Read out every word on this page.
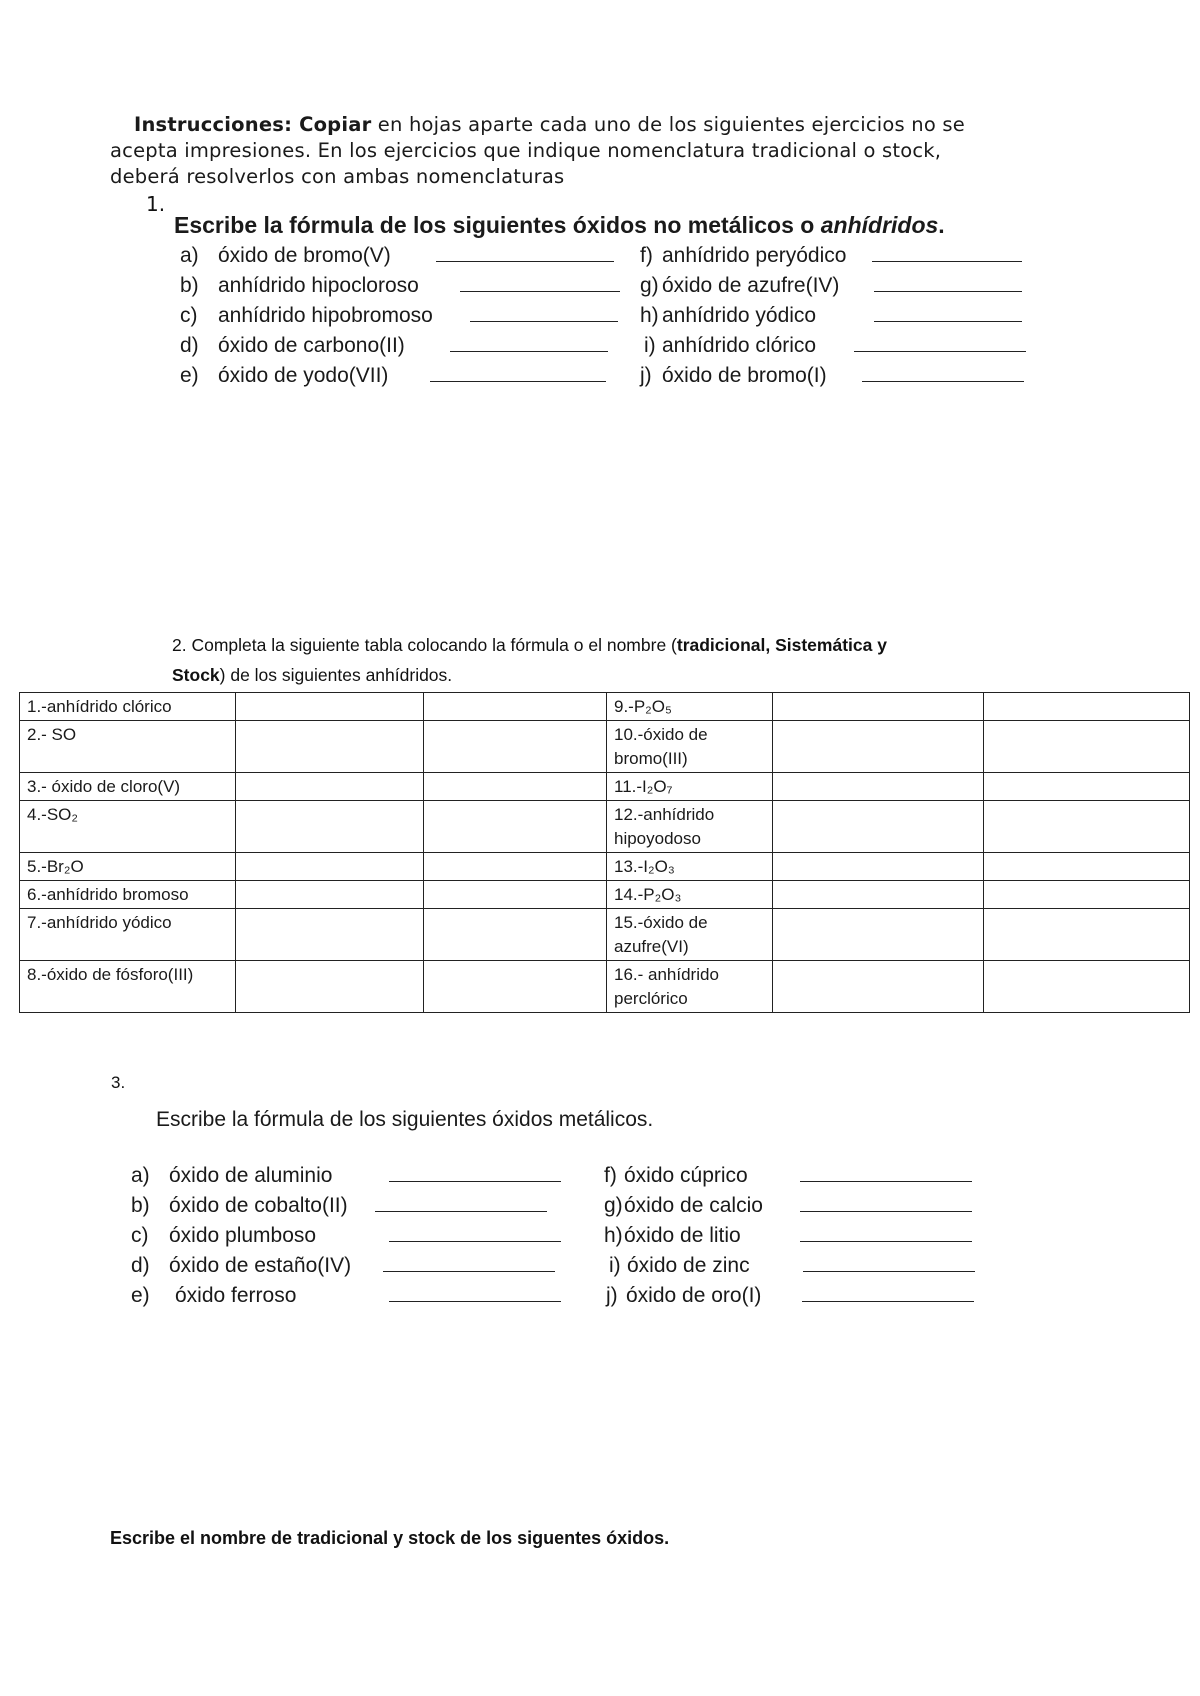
Instrucciones: Copiar en hojas aparte cada uno de los siguientes ejercicios no se
acepta impresiones. En los ejercicios que indique nomenclatura tradicional o stock,
deberá resolverlos con ambas nomenclaturas
1.
Escribe la fórmula de los siguientes óxidos no metálicos o anhídridos.
a) óxido de bromo(V)
b) anhídrido hipocloroso
c) anhídrido hipobromoso
d) óxido de carbono(II)
e) óxido de yodo(VII)
f) anhídrido peryódico
g) óxido de azufre(IV)
h) anhídrido yódico
i) anhídrido clórico
j) óxido de bromo(I)
2. Completa la siguiente tabla colocando la fórmula o el nombre (tradicional, Sistemática y
Stock) de los siguientes anhídridos.
1.-anhídrido clórico			9.-P₂O₅		
2.- SO			10.-óxido de bromo(III)		
3.- óxido de cloro(V)			11.-I₂O₇		
4.-SO₂			12.-anhídrido hipoyodoso		
5.-Br₂O			13.-I₂O₃		
6.-anhídrido bromoso			14.-P₂O₃		
7.-anhídrido yódico			15.-óxido de azufre(VI)		
8.-óxido de fósforo(III)			16.- anhídrido perclórico		
3.
Escribe la fórmula de los siguientes óxidos metálicos.
a) óxido de aluminio
b) óxido de cobalto(II)
c) óxido plumboso
d) óxido de estaño(IV)
e)	óxido ferroso
f) óxido cúprico
g) óxido de calcio
h) óxido de litio
i) óxido de zinc
j) óxido de oro(I)
Escribe el nombre de tradicional y stock de los siguentes óxidos.
